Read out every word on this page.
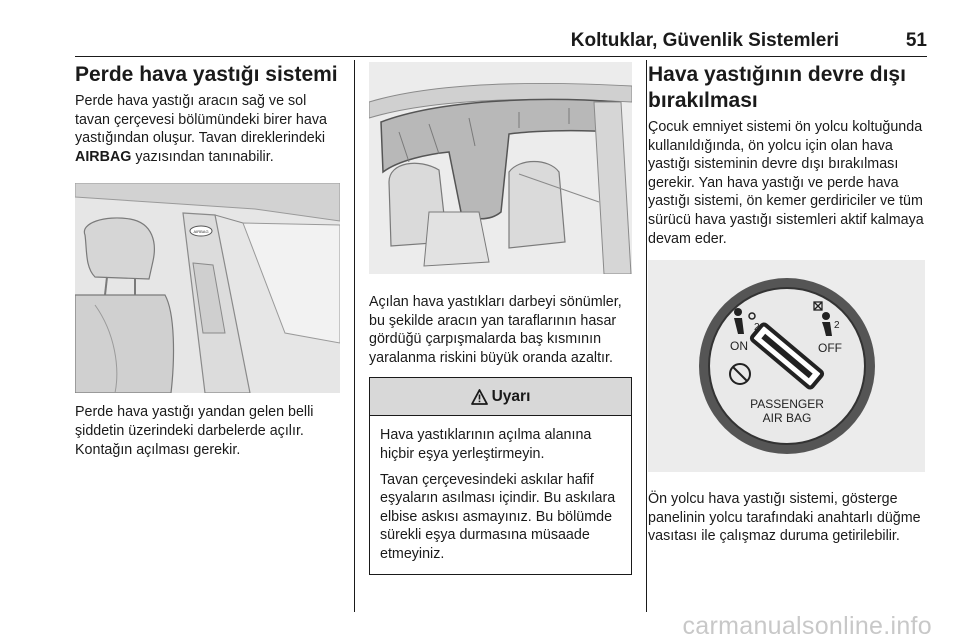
Koltuklar, Güvenlik Sistemleri	51
Perde hava yastığı sistemi

Perde hava yastığı aracın sağ ve sol tavan çerçevesi bölümündeki birer hava yastığından oluşur. Tavan direklerindeki AIRBAG yazısından tanınabilir.

AIRBAG

Perde hava yastığı yandan gelen belli şiddetin üzerindeki darbelerde açılır. Kontağın açılması gerekir.

Açılan hava yastıkları darbeyi sönümler, bu şekilde aracın yan taraflarının hasar gördüğü çarpışmalarda baş kısmının yaralanma riskini büyük oranda azaltır.

Uyarı

Hava yastıklarının açılma alanına hiçbir eşya yerleştirmeyin.

Tavan çerçevesindeki askılar hafif eşyaların asılması içindir. Bu askılara elbise askısı asmayınız. Bu bölümde sürekli eşya durmasına müsaade etmeyiniz.

Hava yastığının devre dışı bırakılması

Çocuk emniyet sistemi ön yolcu koltuğunda kullanıldığında, ön yolcu için olan hava yastığı sisteminin devre dışı bırakılması gerekir. Yan hava yastığı ve perde hava yastığı sistemi, ön kemer gerdiriciler ve tüm sürücü hava yastığı sistemleri aktif kalmaya devam eder.

2
ON
2
OFF
PASSENGER
AIR BAG

Ön yolcu hava yastığı sistemi, gösterge panelinin yolcu tarafındaki anahtarlı düğme vasıtası ile çalışmaz duruma getirilebilir.

carmanualsonline.info
